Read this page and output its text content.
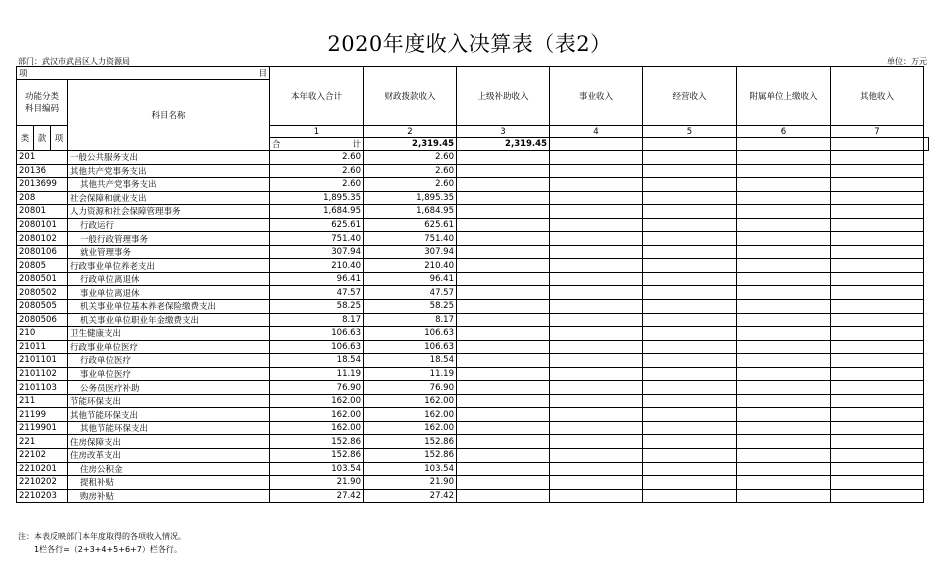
2020年度收入决算表（表2）
部门：武汉市武昌区人力资源局	单位：万元
项 目				本年收入合计	财政拨款收入	上级补助收入	事业收入	经营收入	附属单位上缴收入	其他收入	
功能分类
科目编码			科目名称								
类	款	项		1	2	3	4	5	6	7	

				合 计	2,319.45	2,319.45					
201			一般公共服务支出	2.60	2.60						
20136			其他共产党事务支出	2.60	2.60						
2013699			其他共产党事务支出	2.60	2.60						
208			社会保障和就业支出	1,895.35	1,895.35						
20801			人力资源和社会保障管理事务	1,684.95	1,684.95						
2080101			行政运行	625.61	625.61						
2080102			一般行政管理事务	751.40	751.40						
2080106			就业管理事务	307.94	307.94						
20805			行政事业单位养老支出	210.40	210.40						
2080501			行政单位离退休	96.41	96.41						
2080502			事业单位离退休	47.57	47.57						
2080505			机关事业单位基本养老保险缴费支出	58.25	58.25						
2080506			机关事业单位职业年金缴费支出	8.17	8.17						
210			卫生健康支出	106.63	106.63						
21011			行政事业单位医疗	106.63	106.63						
2101101			行政单位医疗	18.54	18.54						
2101102			事业单位医疗	11.19	11.19						
2101103			公务员医疗补助	76.90	76.90						
211			节能环保支出	162.00	162.00						
21199			其他节能环保支出	162.00	162.00						
2119901			其他节能环保支出	162.00	162.00						
221			住房保障支出	152.86	152.86						
22102			住房改革支出	152.86	152.86						
2210201			住房公积金	103.54	103.54						
2210202			提租补贴	21.90	21.90						
2210203			购房补贴	27.42	27.42						
注：本表反映部门本年度取得的各项收入情况。
1栏各行=（2+3+4+5+6+7）栏各行。
